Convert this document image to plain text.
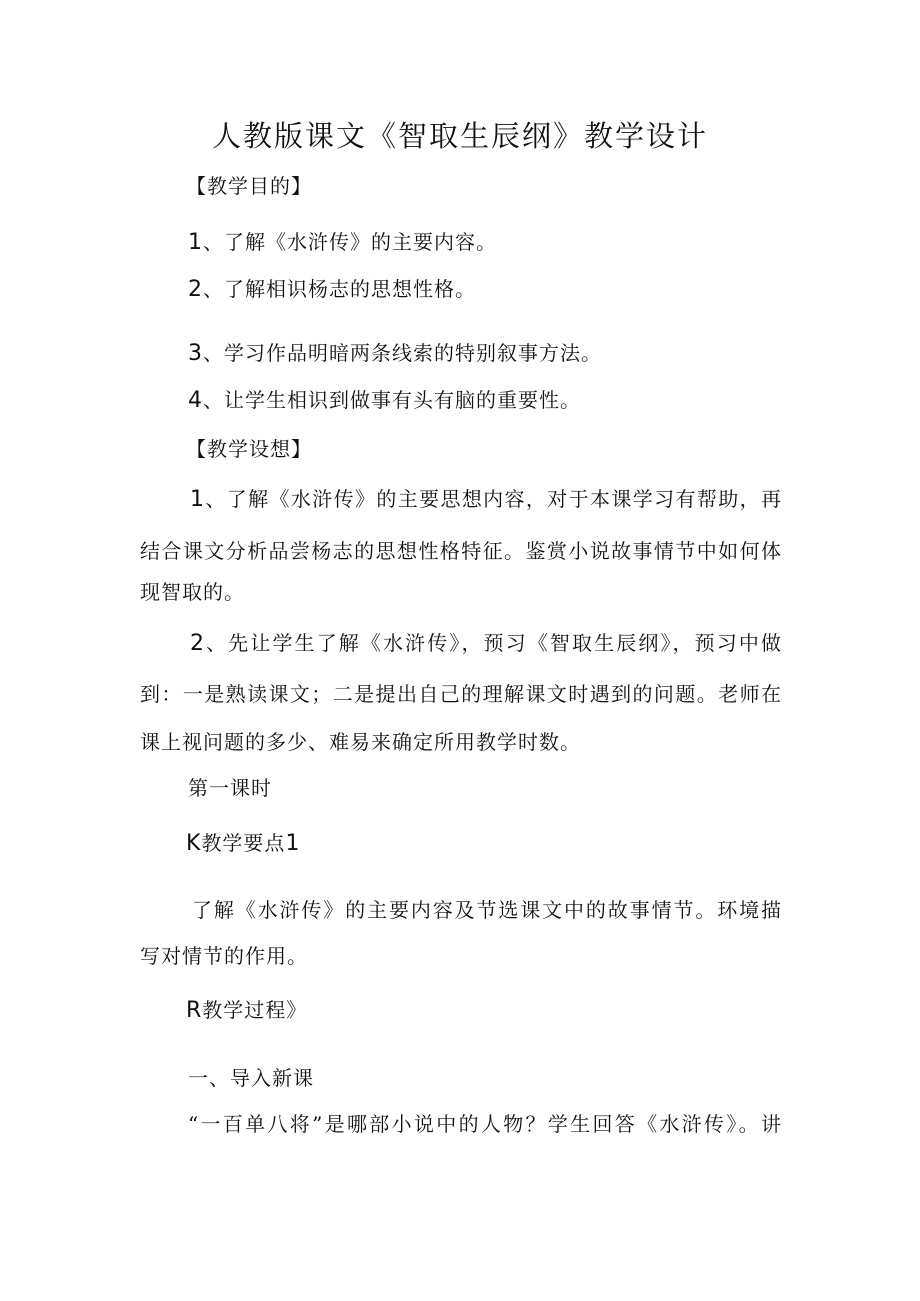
人教版课文《智取生辰纲》教学设计
【教学目的】
1、了解《水浒传》的主要内容。
2、了解相识杨志的思想性格。
3、学习作品明暗两条线索的特别叙事方法。
4、让学生相识到做事有头有脑的重要性。
【教学设想】
1、了解《水浒传》的主要思想内容，对于本课学习有帮助，再
结合课文分析品尝杨志的思想性格特征。鉴赏小说故事情节中如何体
现智取的。
2、先让学生了解《水浒传》，预习《智取生辰纲》，预习中做
到：一是熟读课文；二是提出自己的理解课文时遇到的问题。老师在
课上视问题的多少、难易来确定所用教学时数。
第一课时
K教学要点1
了解《水浒传》的主要内容及节选课文中的故事情节。环境描
写对情节的作用。
R教学过程》
一、导入新课
“一百单八将”是哪部小说中的人物？学生回答《水浒传》。讲
